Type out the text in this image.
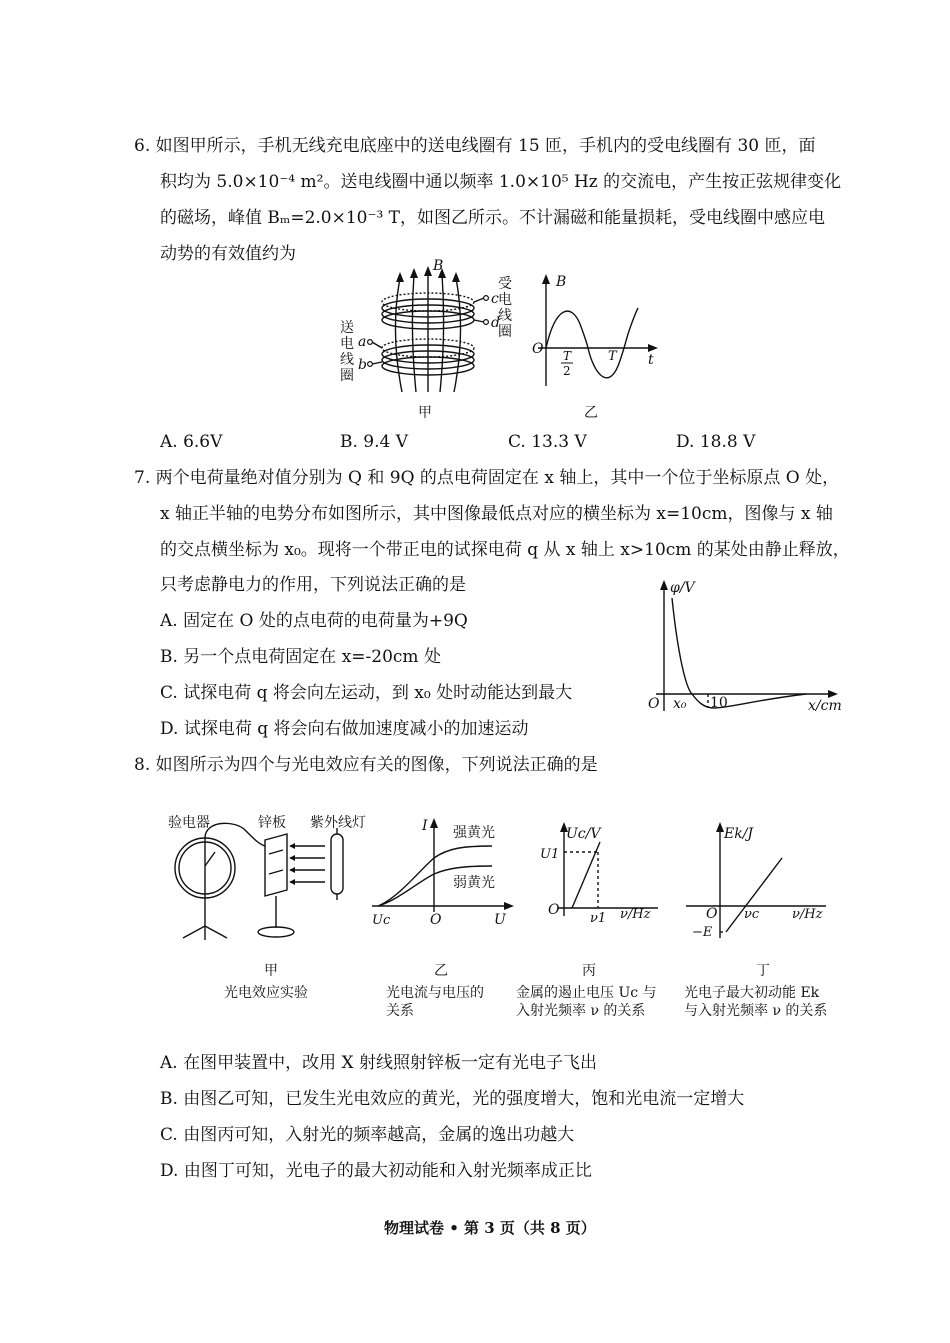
6. 如图甲所示，手机无线充电底座中的送电线圈有 15 匝，手机内的受电线圈有 30 匝，面
积均为 5.0×10⁻⁴ m²。送电线圈中通以频率 1.0×10⁵ Hz 的交流电，产生按正弦规律变化
的磁场，峰值 Bₘ=2.0×10⁻³ T，如图乙所示。不计漏磁和能量损耗，受电线圈中感应电
动势的有效值约为
B
c
d
a
b
受电线圈
送电线圈
甲
B
O T
2
T t
乙
A. 6.6V	B. 9.4 V	C. 13.3 V	D. 18.8 V
7. 两个电荷量绝对值分别为 Q 和 9Q 的点电荷固定在 x 轴上，其中一个位于坐标原点 O 处，
x 轴正半轴的电势分布如图所示，其中图像最低点对应的横坐标为 x=10cm，图像与 x 轴
的交点横坐标为 x₀。现将一个带正电的试探电荷 q 从 x 轴上 x>10cm 的某处由静止释放，
只考虑静电力的作用，下列说法正确的是
A. 固定在 O 处的点电荷的电荷量为+9Q
B. 另一个点电荷固定在 x=-20cm 处
C. 试探电荷 q 将会向左运动，到 x₀ 处时动能达到最大
D. 试探电荷 q 将会向右做加速度减小的加速运动
φ/V
O x₀ 10	x/cm
8. 如图所示为四个与光电效应有关的图像，下列说法正确的是
验电器	锌板 紫外线灯
甲
光电效应实验
I
Uc	O	U
强黄光
弱黄光
乙
光电流与电压的
关系
Uc/V
U1
O
ν1 ν/Hz
丙
金属的遏止电压 Uc 与
入射光频率 ν 的关系
Ek/J
O νc
−E
ν/Hz
丁
光电子最大初动能 Ek
与入射光频率 ν 的关系
A. 在图甲装置中，改用 X 射线照射锌板一定有光电子飞出
B. 由图乙可知，已发生光电效应的黄光，光的强度增大，饱和光电流一定增大
C. 由图丙可知，入射光的频率越高，金属的逸出功越大
D. 由图丁可知，光电子的最大初动能和入射光频率成正比
物理试卷 • 第 3 页（共 8 页）
